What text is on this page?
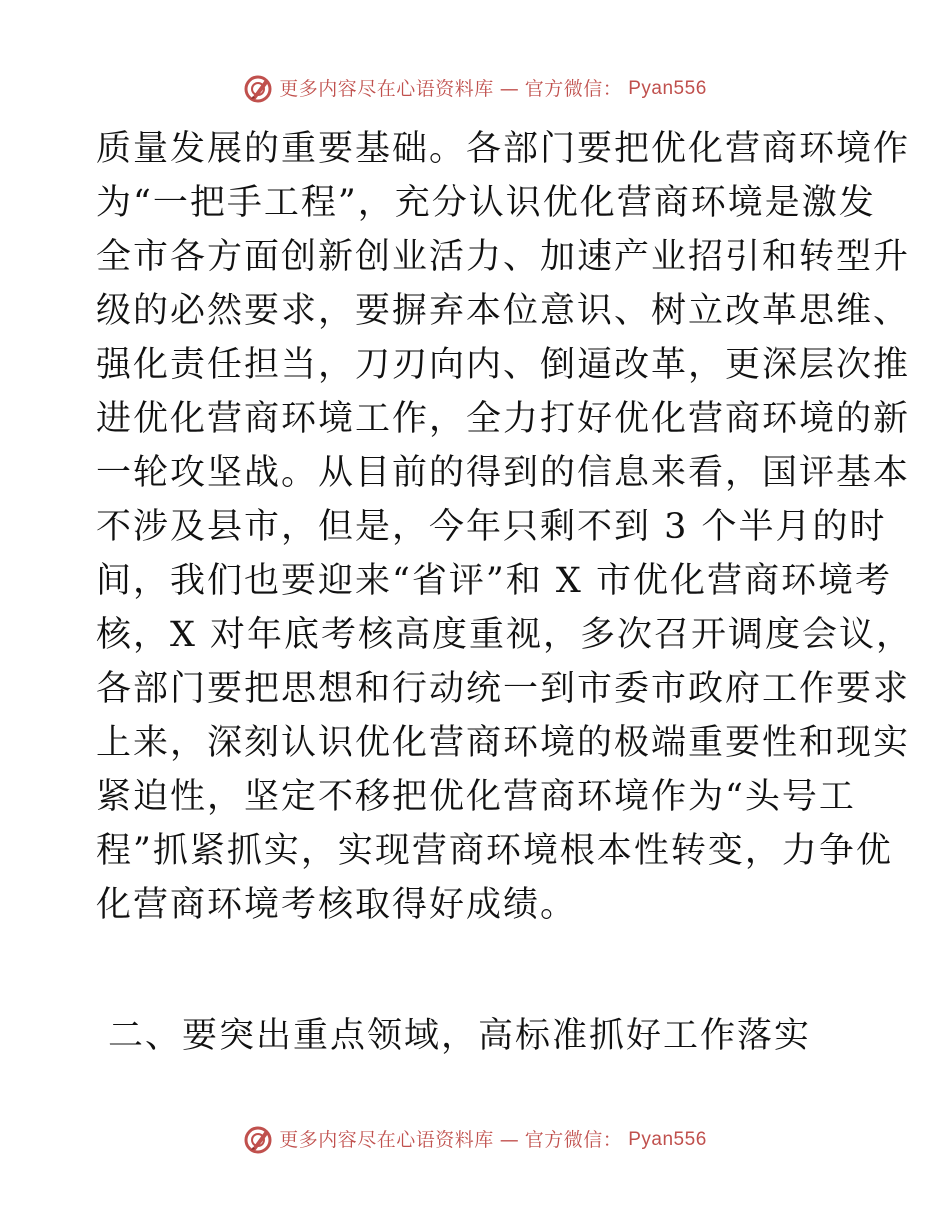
更多内容尽在心语资料库 — 官方微信： Pyan556
质量发展的重要基础。各部门要把优化营商环境作
为“一把手工程”，充分认识优化营商环境是激发
全市各方面创新创业活力、加速产业招引和转型升
级的必然要求，要摒弃本位意识、树立改革思维、
强化责任担当，刀刃向内、倒逼改革，更深层次推
进优化营商环境工作，全力打好优化营商环境的新
一轮攻坚战。从目前的得到的信息来看，国评基本
不涉及县市，但是，今年只剩不到 3 个半月的时
间，我们也要迎来“省评”和 X 市优化营商环境考
核，X 对年底考核高度重视，多次召开调度会议，
各部门要把思想和行动统一到市委市政府工作要求
上来，深刻认识优化营商环境的极端重要性和现实
紧迫性，坚定不移把优化营商环境作为“头号工
程”抓紧抓实，实现营商环境根本性转变，力争优
化营商环境考核取得好成绩。
二、要突出重点领域，高标准抓好工作落实
更多内容尽在心语资料库 — 官方微信： Pyan556
